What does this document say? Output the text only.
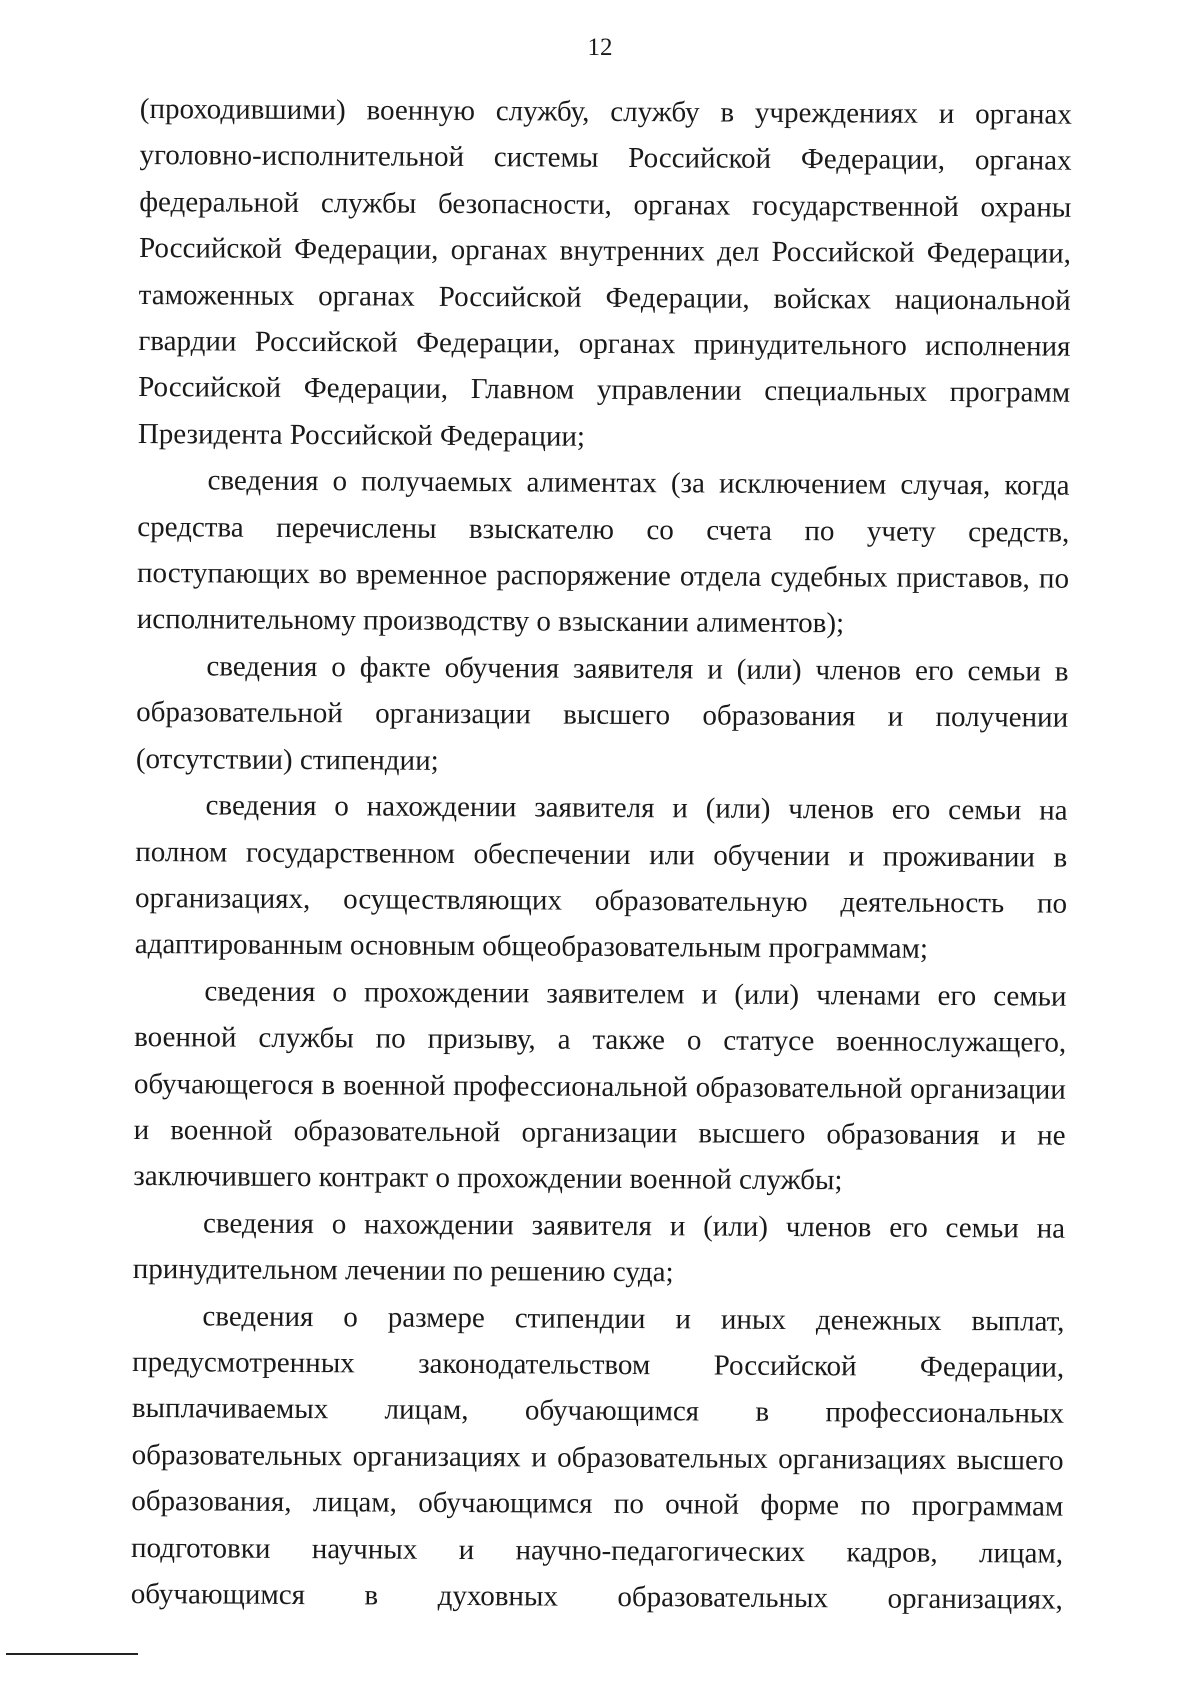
12

(проходившими) военную службу, службу в учреждениях и органах уголовно-исполнительной системы Российской Федерации, органах федеральной службы безопасности, органах государственной охраны Российской Федерации, органах внутренних дел Российской Федерации, таможенных органах Российской Федерации, войсках национальной гвардии Российской Федерации, органах принудительного исполнения Российской Федерации, Главном управлении специальных программ Президента Российской Федерации;

сведения о получаемых алиментах (за исключением случая, когда средства перечислены взыскателю со счета по учету средств, поступающих во временное распоряжение отдела судебных приставов, по исполнительному производству о взыскании алиментов);

сведения о факте обучения заявителя и (или) членов его семьи в образовательной организации высшего образования и получении (отсутствии) стипендии;

сведения о нахождении заявителя и (или) членов его семьи на полном государственном обеспечении или обучении и проживании в организациях, осуществляющих образовательную деятельность по адаптированным основным общеобразовательным программам;

сведения о прохождении заявителем и (или) членами его семьи военной службы по призыву, а также о статусе военнослужащего, обучающегося в военной профессиональной образовательной организации и военной образовательной организации высшего образования и не заключившего контракт о прохождении военной службы;

сведения о нахождении заявителя и (или) членов его семьи на принудительном лечении по решению суда;

сведения о размере стипендии и иных денежных выплат, предусмотренных законодательством Российской Федерации, выплачиваемых лицам, обучающимся в профессиональных образовательных организациях и образовательных организациях высшего образования, лицам, обучающимся по очной форме по программам подготовки научных и научно-педагогических кадров, лицам, обучающимся в духовных образовательных организациях,
